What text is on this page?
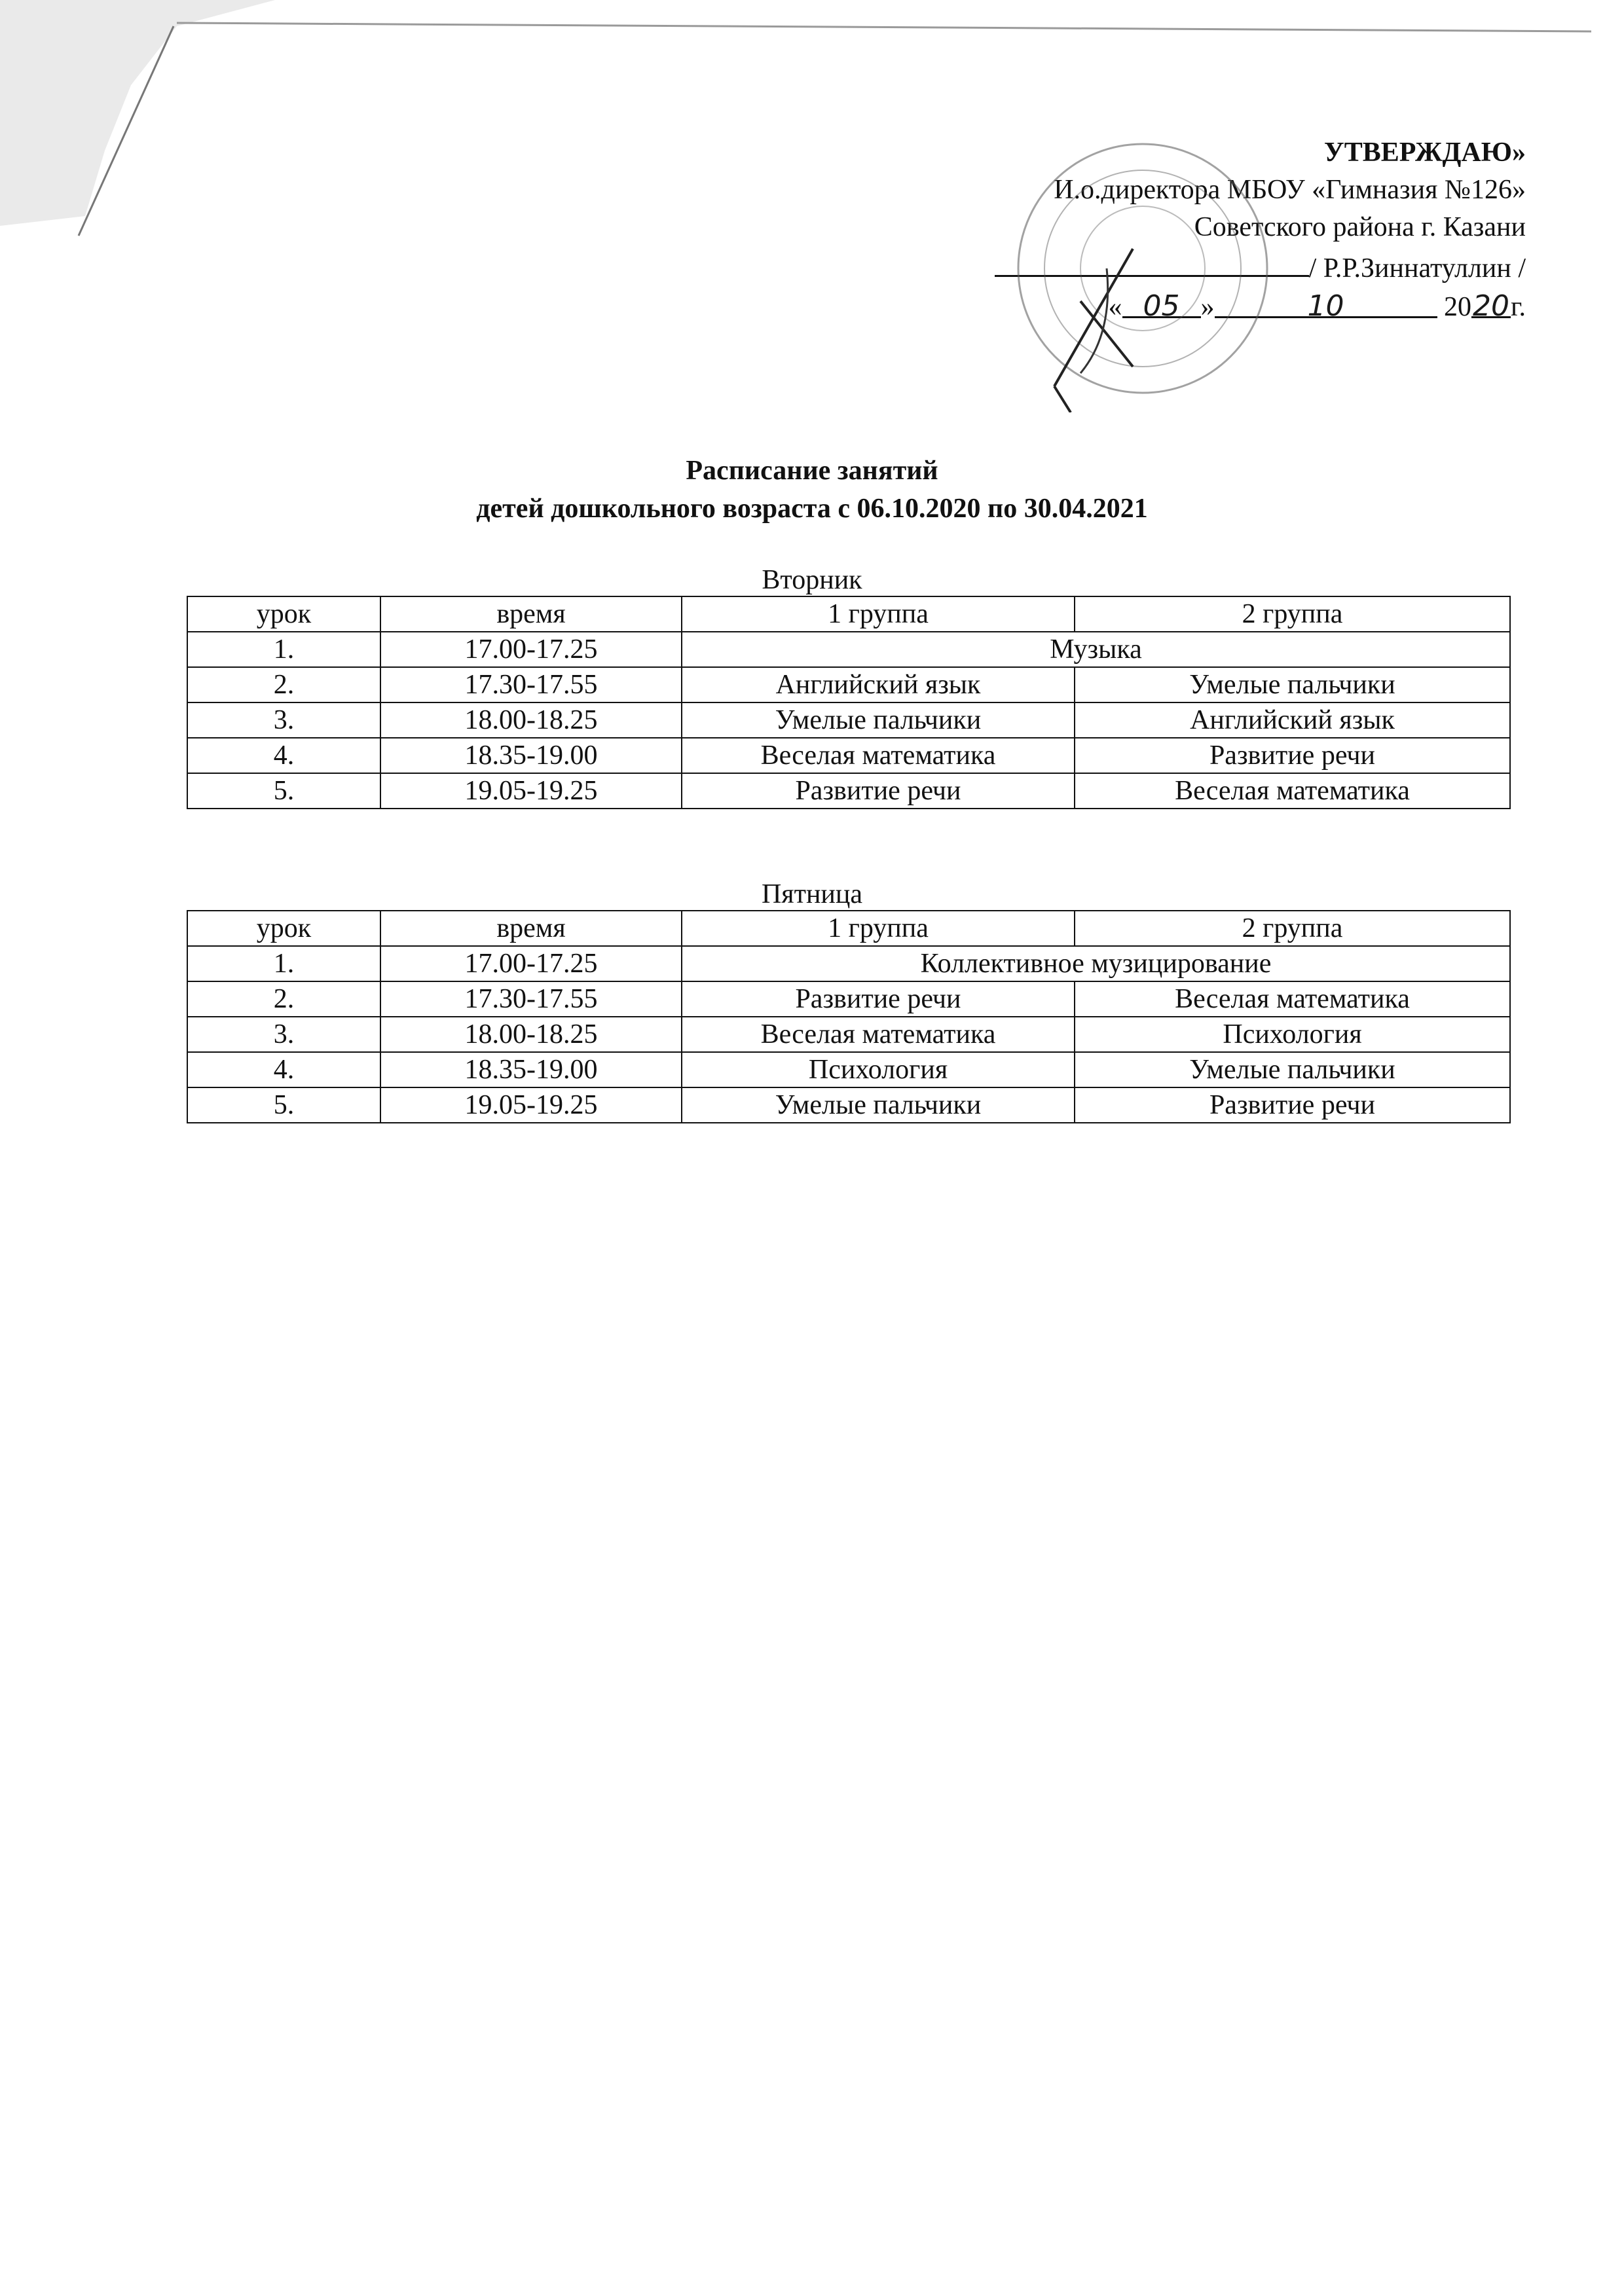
УТВЕРЖДАЮ»
И.о.директора МБОУ «Гимназия №126»
Советского района г. Казани
/ Р.Р.Зиннатуллин /
« 05 »	10	2020г.
Расписание занятий
детей дошкольного возраста с 06.10.2020 по 30.04.2021
Вторник
урок	время	1 группа	2 группа
1.	17.00-17.25	Музыка	
2.	17.30-17.55	Английский язык	Умелые пальчики
3.	18.00-18.25	Умелые пальчики	Английский язык
4.	18.35-19.00	Веселая математика	Развитие речи
5.	19.05-19.25	Развитие речи	Веселая математика
Пятница
урок	время	1 группа	2 группа
1.	17.00-17.25	Коллективное музицирование	
2.	17.30-17.55	Развитие речи	Веселая математика
3.	18.00-18.25	Веселая математика	Психология
4.	18.35-19.00	Психология	Умелые пальчики
5.	19.05-19.25	Умелые пальчики	Развитие речи
